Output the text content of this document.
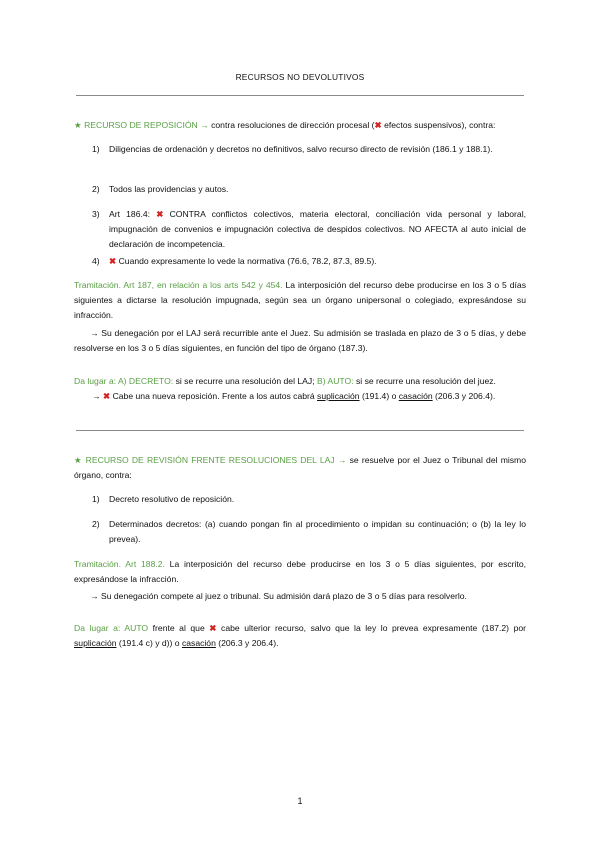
RECURSOS NO DEVOLUTIVOS
★ RECURSO DE REPOSICIÓN → contra resoluciones de dirección procesal (✖ efectos suspensivos), contra:
1) Diligencias de ordenación y decretos no definitivos, salvo recurso directo de revisión (186.1 y 188.1).
2) Todos las providencias y autos.
3) Art 186.4: ✖ CONTRA conflictos colectivos, materia electoral, conciliación vida personal y laboral, impugnación de convenios e impugnación colectiva de despidos colectivos. NO AFECTA al auto inicial de declaración de incompetencia.
4) ✖ Cuando expresamente lo vede la normativa (76.6, 78.2, 87.3, 89.5).
Tramitación. Art 187, en relación a los arts 542 y 454. La interposición del recurso debe producirse en los 3 o 5 días siguientes a dictarse la resolución impugnada, según sea un órgano unipersonal o colegiado, expresándose su infracción.
→ Su denegación por el LAJ será recurrible ante el Juez. Su admisión se traslada en plazo de 3 o 5 días, y debe resolverse en los 3 o 5 días siguientes, en función del tipo de órgano (187.3).
Da lugar a: A) DECRETO: si se recurre una resolución del LAJ; B) AUTO: si se recurre una resolución del juez.
→ ✖ Cabe una nueva reposición. Frente a los autos cabrá suplicación (191.4) o casación (206.3 y 206.4).
★ RECURSO DE REVISIÓN FRENTE RESOLUCIONES DEL LAJ → se resuelve por el Juez o Tribunal del mismo órgano, contra:
1) Decreto resolutivo de reposición.
2) Determinados decretos: (a) cuando pongan fin al procedimiento o impidan su continuación; o (b) la ley lo prevea).
Tramitación. Art 188.2. La interposición del recurso debe producirse en los 3 o 5 días siguientes, por escrito, expresándose la infracción.
→ Su denegación compete al juez o tribunal. Su admisión dará plazo de 3 o 5 días para resolverlo.
Da lugar a: AUTO frente al que ✖ cabe ulterior recurso, salvo que la ley lo prevea expresamente (187.2) por suplicación (191.4 c) y d)) o casación (206.3 y 206.4).
1
